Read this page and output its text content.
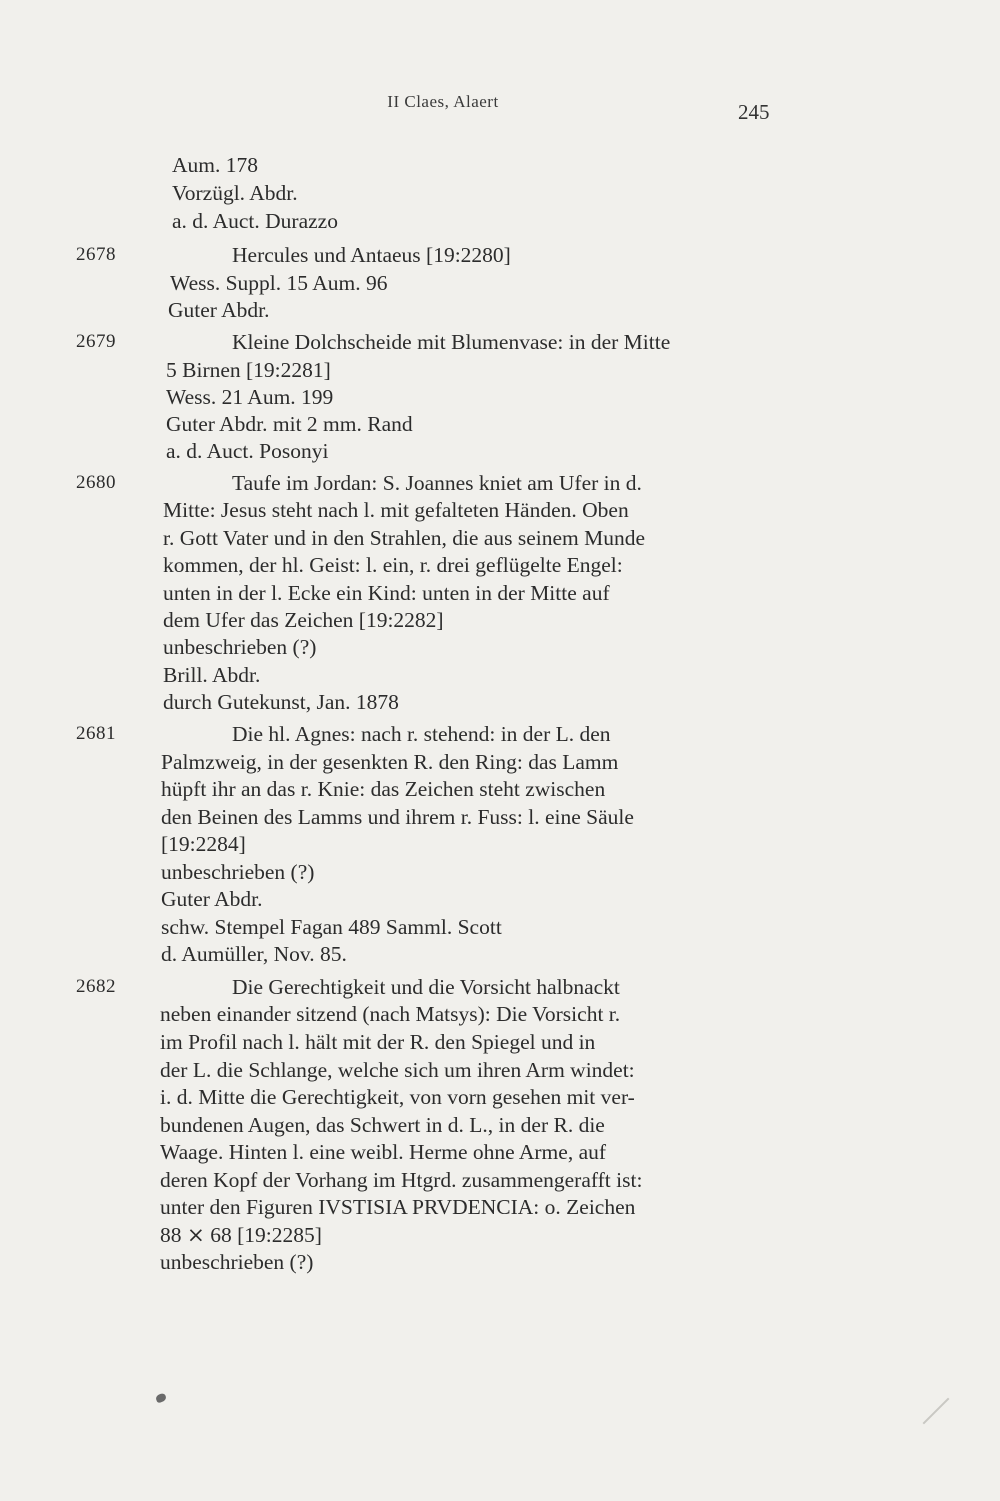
II Claes, Alaert	245
Aum. 178
Vorzügl. Abdr.
a. d. Auct. Durazzo
2678	Hercules und Antaeus [19:2280]
Wess. Suppl. 15 Aum. 96
Guter Abdr.
2679	Kleine Dolchscheide mit Blumenvase: in der Mitte
5 Birnen [19:2281]
Wess. 21 Aum. 199
Guter Abdr. mit 2 mm. Rand
a. d. Auct. Posonyi
2680	Taufe im Jordan: S. Joannes kniet am Ufer in d.
Mitte: Jesus steht nach l. mit gefalteten Händen. Oben
r. Gott Vater und in den Strahlen, die aus seinem Munde
kommen, der hl. Geist: l. ein, r. drei geflügelte Engel:
unten in der l. Ecke ein Kind: unten in der Mitte auf
dem Ufer das Zeichen [19:2282]
unbeschrieben (?)
Brill. Abdr.
durch Gutekunst, Jan. 1878
2681	Die hl. Agnes: nach r. stehend: in der L. den
Palmzweig, in der gesenkten R. den Ring: das Lamm
hüpft ihr an das r. Knie: das Zeichen steht zwischen
den Beinen des Lamms und ihrem r. Fuss: l. eine Säule
[19:2284]
unbeschrieben (?)
Guter Abdr.
schw. Stempel Fagan 489 Samml. Scott
d. Aumüller, Nov. 85.
2682	Die Gerechtigkeit und die Vorsicht halbnackt
neben einander sitzend (nach Matsys): Die Vorsicht r.
im Profil nach l. hält mit der R. den Spiegel und in
der L. die Schlange, welche sich um ihren Arm windet:
i. d. Mitte die Gerechtigkeit, von vorn gesehen mit ver-
bundenen Augen, das Schwert in d. L., in der R. die
Waage. Hinten l. eine weibl. Herme ohne Arme, auf
deren Kopf der Vorhang im Htgrd. zusammengerafft ist:
unter den Figuren IVSTISIA PRVDENCIA: o. Zeichen
88 ⨯ 68 [19:2285]
unbeschrieben (?)
